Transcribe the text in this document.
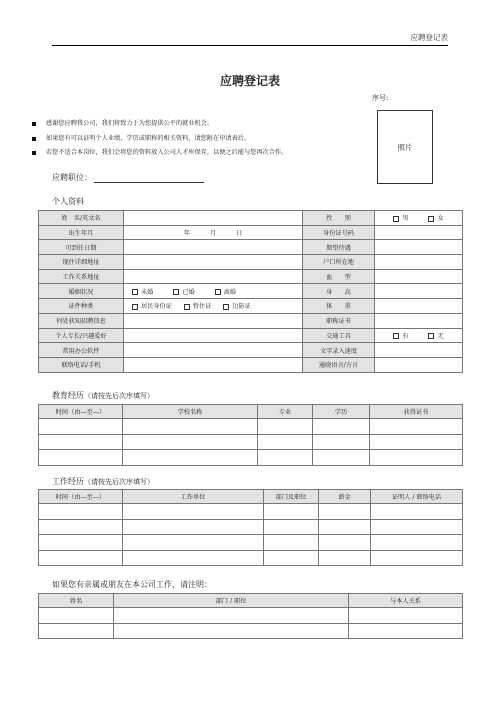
应聘登记表
应聘登记表
序号:
照片
感谢您应聘我公司，我们将致力于为您提供公平的就业机会。
如果您有可以证明个人业绩、学历或职称的相关资料，请您附在申请表后。
若您不适合本岗位，我们会将您的资料放入公司人才库保存，以便之后能与您再次合作。
应聘职位：
个人资料
姓　名/英文名		性　　别	男 女
出生年月	年 月 日	身份证号码	
可到任日期		期望待遇	
现住详细地址		户口所在地	
工作关系地址		血　　型	
婚姻状况	未婚 已婚 离婚	身　　高	
证件种类	居民身份证 暂住证 边防证	体　　重	
何处获知招聘信息		职称证书	
个人专长/兴趣爱好		交通工具	有 无
常用办公软件		文字录入速度	
联络电话/手机		通晓语言/方言	
教育经历（请按先后次序填写）
时间（由—至—）	学校名称	专业	学历	获得证书

工作经历（请按先后次序填写）
时间（由—至—）	工作单位	部门及职位	薪金	证明人 / 联络电话

如果您有亲属或朋友在本公司工作，请注明：
姓名	部门 / 职位	与本人关系
